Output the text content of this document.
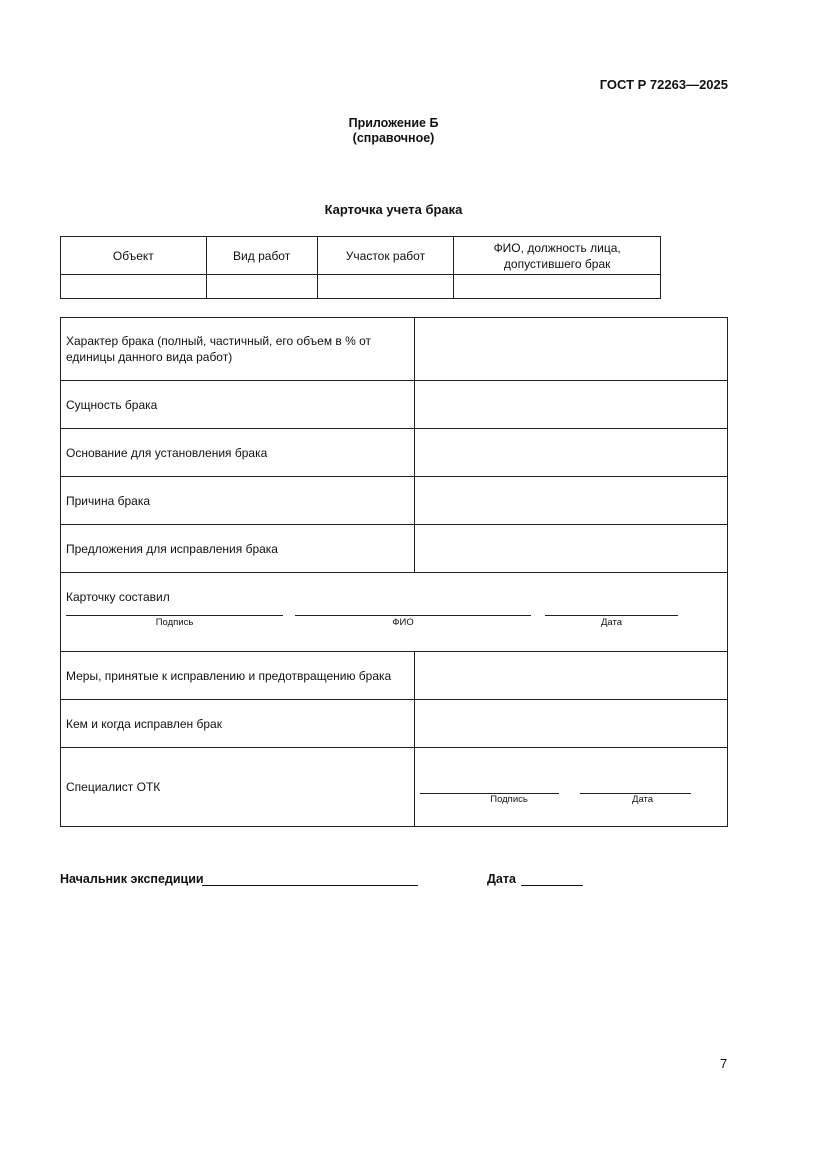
ГОСТ Р 72263—2025
Приложение Б
(справочное)
Карточка учета брака
Объект	Вид работ	Участок работ	ФИО, должность лица, допустившего брак

Характер брака (полный, частичный, его объем в % от единицы данного вида работ)	
Сущность брака	
Основание для установления брака	
Причина брака	
Предложения для исправления брака	

Карточку составил
Подпись ФИО Дата	

Меры, принятые к исправлению и предотвращению брака	
Кем и когда исправлен брак	
Специалист ОТК	Подпись Дата
Начальник экспедиции	Дата
7
